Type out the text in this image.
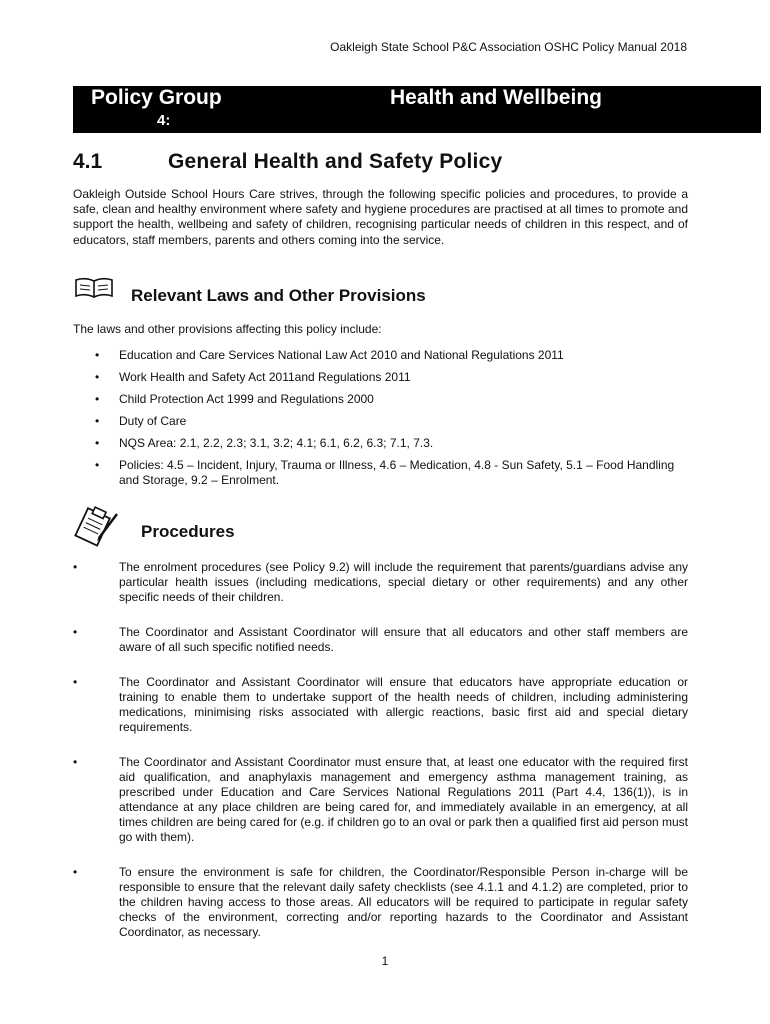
Oakleigh State School P&C Association OSHC Policy Manual 2018
Policy Group
4:
Health and Wellbeing
4.1	General Health and Safety Policy
Oakleigh Outside School Hours Care strives, through the following specific policies and procedures, to provide a safe, clean and healthy environment where safety and hygiene procedures are practised at all times to promote and support the health, wellbeing and safety of children, recognising particular needs of children in this respect, and of educators, staff members, parents and others coming into the service.
Relevant Laws and Other Provisions
The laws and other provisions affecting this policy include:
• Education and Care Services National Law Act 2010 and National Regulations 2011
• Work Health and Safety Act 2011and Regulations 2011
• Child Protection Act 1999 and Regulations 2000
• Duty of Care
• NQS Area: 2.1, 2.2, 2.3; 3.1, 3.2; 4.1; 6.1, 6.2, 6.3; 7.1, 7.3.
• Policies: 4.5 – Incident, Injury, Trauma or Illness, 4.6 – Medication, 4.8 - Sun Safety, 5.1 – Food Handling and Storage, 9.2 – Enrolment.
Procedures
• The enrolment procedures (see Policy 9.2) will include the requirement that parents/guardians advise any particular health issues (including medications, special dietary or other requirements) and any other specific needs of their children.
• The Coordinator and Assistant Coordinator will ensure that all educators and other staff members are aware of all such specific notified needs.
• The Coordinator and Assistant Coordinator will ensure that educators have appropriate education or training to enable them to undertake support of the health needs of children, including administering medications, minimising risks associated with allergic reactions, basic first aid and special dietary requirements.
• The Coordinator and Assistant Coordinator must ensure that, at least one educator with the required first aid qualification, and anaphylaxis management and emergency asthma management training, as prescribed under Education and Care Services National Regulations 2011 (Part 4.4, 136(1)), is in attendance at any place children are being cared for, and immediately available in an emergency, at all times children are being cared for (e.g. if children go to an oval or park then a qualified first aid person must go with them).
• To ensure the environment is safe for children, the Coordinator/Responsible Person in-charge will be responsible to ensure that the relevant daily safety checklists (see 4.1.1 and 4.1.2) are completed, prior to the children having access to those areas. All educators will be required to participate in regular safety checks of the environment, correcting and/or reporting hazards to the Coordinator and Assistant Coordinator, as necessary.
1
